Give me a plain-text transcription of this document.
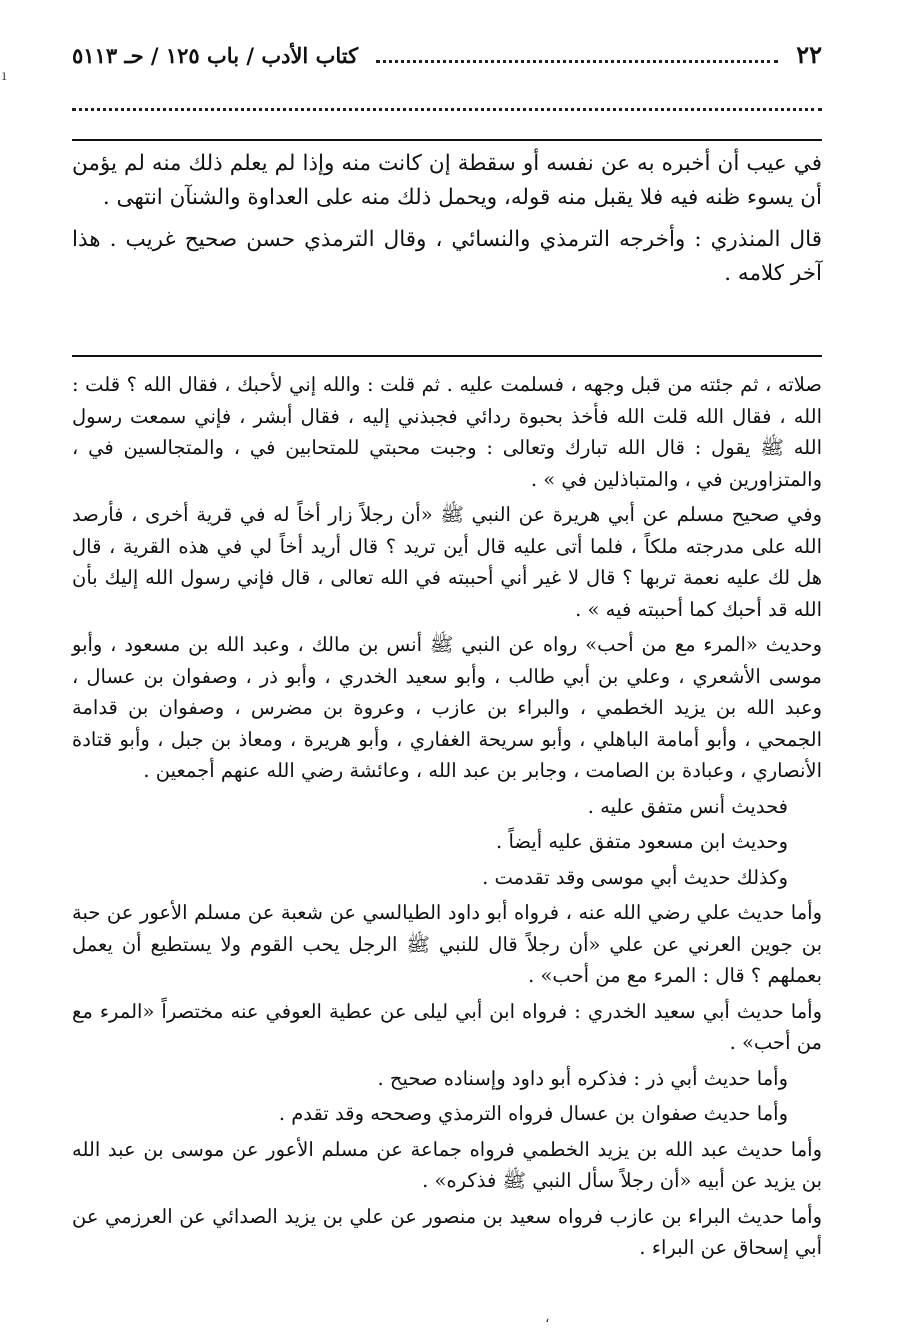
٢٢
كتاب الأدب / باب ١٢٥ / حـ ٥١١٣

في عيب أن أخبره به عن نفسه أو سقطة إن كانت منه وإذا لم يعلم ذلك منه لم يؤمن أن يسوء ظنه فيه فلا يقبل منه قوله، ويحمل ذلك منه على العداوة والشنآن انتهى .

قال المنذري : وأخرجه الترمذي والنسائي ، وقال الترمذي حسن صحيح غريب . هذا آخر كلامه .

صلاته ، ثم جئته من قبل وجهه ، فسلمت عليه . ثم قلت : والله إني لأحبك ، فقال الله ؟ قلت : الله ، فقال الله قلت الله فأخذ بحبوة ردائي فجبذني إليه ، فقال أبشر ، فإني سمعت رسول الله ﷺ يقول : قال الله تبارك وتعالى : وجبت محبتي للمتحابين في ، والمتجالسين في ، والمتزاورين في ، والمتباذلين في » .

وفي صحيح مسلم عن أبي هريرة عن النبي ﷺ «أن رجلاً زار أخاً له في قرية أخرى ، فأرصد الله على مدرجته ملكاً ، فلما أتى عليه قال أين تريد ؟ قال أريد أخاً لي في هذه القرية ، قال هل لك عليه نعمة تربها ؟ قال لا غير أني أحببته في الله تعالى ، قال فإني رسول الله إليك بأن الله قد أحبك كما أحببته فيه » .

وحديث «المرء مع من أحب» رواه عن النبي ﷺ أنس بن مالك ، وعبد الله بن مسعود ، وأبو موسى الأشعري ، وعلي بن أبي طالب ، وأبو سعيد الخدري ، وأبو ذر ، وصفوان بن عسال ، وعبد الله بن يزيد الخطمي ، والبراء بن عازب ، وعروة بن مضرس ، وصفوان بن قدامة الجمحي ، وأبو أمامة الباهلي ، وأبو سريحة الغفاري ، وأبو هريرة ، ومعاذ بن جبل ، وأبو قتادة الأنصاري ، وعبادة بن الصامت ، وجابر بن عبد الله ، وعائشة رضي الله عنهم أجمعين .

فحديث أنس متفق عليه .

وحديث ابن مسعود متفق عليه أيضاً .

وكذلك حديث أبي موسى وقد تقدمت .

وأما حديث علي رضي الله عنه ، فرواه أبو داود الطيالسي عن شعبة عن مسلم الأعور عن حبة بن جوين العرني عن علي «أن رجلاً قال للنبي ﷺ الرجل يحب القوم ولا يستطيع أن يعمل بعملهم ؟ قال : المرء مع من أحب» .

وأما حديث أبي سعيد الخدري : فرواه ابن أبي ليلى عن عطية العوفي عنه مختصراً «المرء مع من أحب» .

وأما حديث أبي ذر : فذكره أبو داود وإسناده صحيح .

وأما حديث صفوان بن عسال فرواه الترمذي وصححه وقد تقدم .

وأما حديث عبد الله بن يزيد الخطمي فرواه جماعة عن مسلم الأعور عن موسى بن عبد الله بن يزيد عن أبيه «أن رجلاً سأل النبي ﷺ فذكره» .

وأما حديث البراء بن عازب فرواه سعيد بن منصور عن علي بن يزيد الصدائي عن العرزمي عن أبي إسحاق عن البراء .

،
ı
